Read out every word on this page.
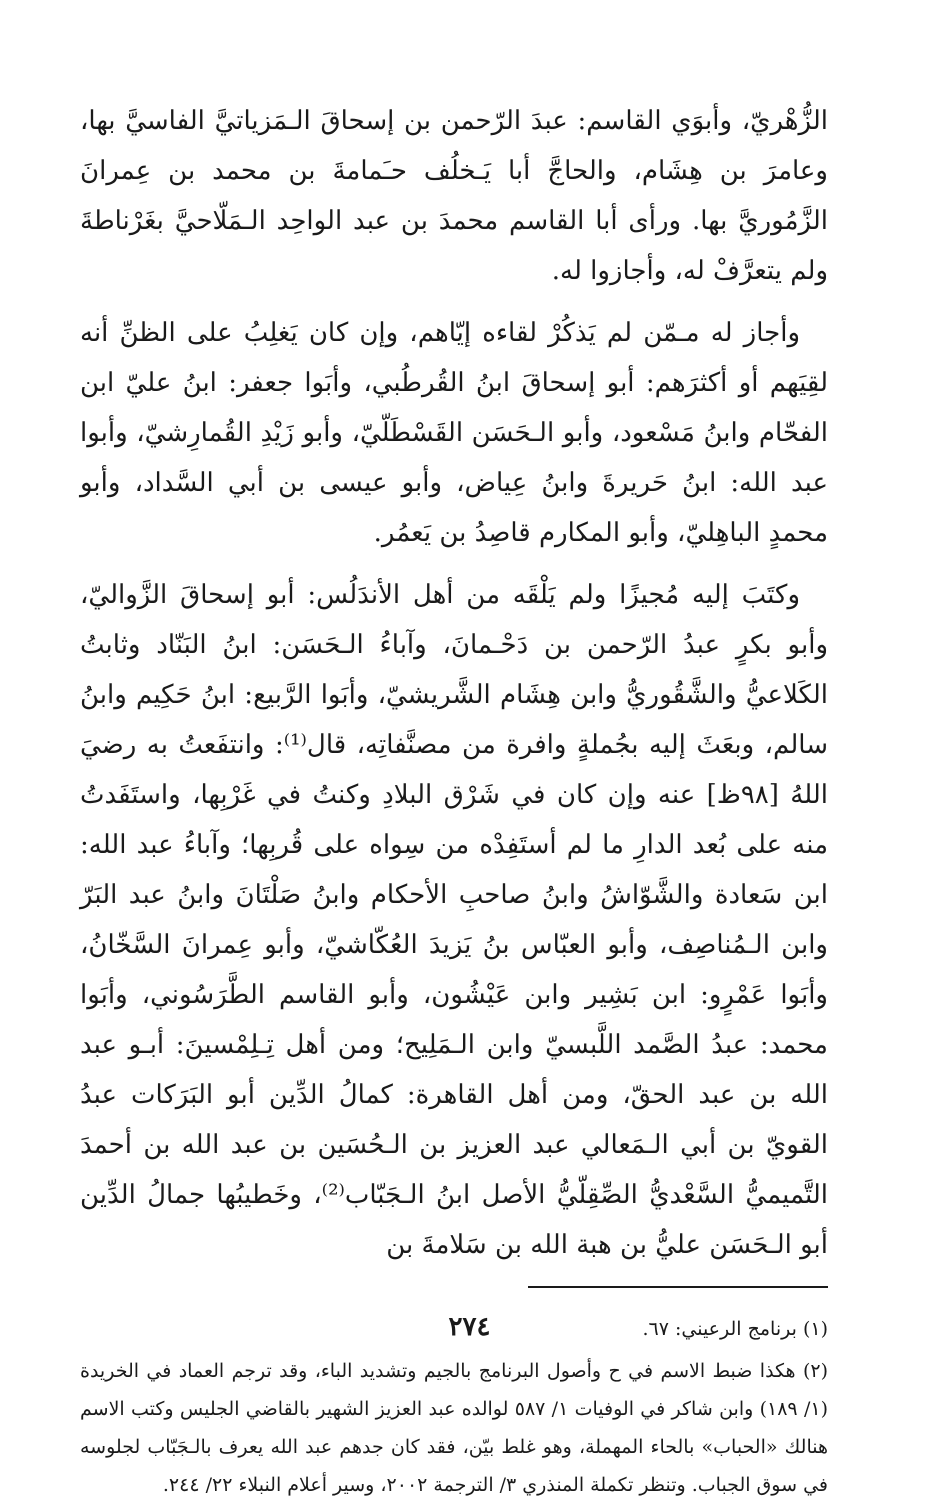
الزُّهْريّ، وأبوَي القاسم: عبدَ الرّحمن بن إسحاقَ الـمَزياتيَّ الفاسيَّ بها، وعامرَ بن هِشَام، والحاجَّ أبا يَـخلُف حـَمامةَ بن محمد بن عِمرانَ الزَّمُوريَّ بها. ورأى أبا القاسم محمدَ بن عبد الواحِد الـمَلّاحيَّ بغَرْناطةَ ولم يتعرَّفْ له، وأجازوا له.

وأجاز له مـمّن لم يَذكُرْ لقاءه إيّاهم، وإن كان يَغلِبُ على الظنِّ أنه لقِيَهم أو أكثرَهم: أبو إسحاقَ ابنُ القُرطُبي، وأبَوا جعفر: ابنُ عليّ ابن الفحّام وابنُ مَسْعود، وأبو الـحَسَن القَسْطَلّيّ، وأبو زَيْدِ القُمارِشيّ، وأبوا عبد الله: ابنُ حَريرةَ وابنُ عِياض، وأبو عيسى بن أبي السَّداد، وأبو محمدٍ الباهِليّ، وأبو المكارم قاصِدُ بن يَعمُر.

وكتَبَ إليه مُجيزًا ولم يَلْقَه من أهل الأندَلُس: أبو إسحاقَ الزَّواليّ، وأبو بكرٍ عبدُ الرّحمن بن دَحْـمانَ، وآباءُ الـحَسَن: ابنُ البَنّاد وثابتُ الكَلاعيُّ والشَّقُوريُّ وابن هِشَام الشَّريشيّ، وأبَوا الرَّبيع: ابنُ حَكِيم وابنُ سالم، وبعَثَ إليه بجُملةٍ وافرة من مصنَّفاتِه، قال⁽¹⁾: وانتفَعتُ به رضيَ اللهُ [٩٨ظ] عنه وإن كان في شَرْق البلادِ وكنتُ في غَرْبِها، واستَفَدتُ منه على بُعد الدارِ ما لم أستَفِدْه من سِواه على قُربِها؛ وآباءُ عبد الله: ابن سَعادة والشَّوّاشُ وابنُ صاحبِ الأحكام وابنُ صَلْتَانَ وابنُ عبد البَرّ وابن الـمُناصِف، وأبو العبّاس بنُ يَزيدَ العُكّاشيّ، وأبو عِمرانَ السَّخّانُ، وأبَوا عَمْرٍو: ابن بَشِير وابن عَيْشُون، وأبو القاسم الطَّرَسُوني، وأبَوا محمد: عبدُ الصَّمد اللَّبسيّ وابن الـمَلِيح؛ ومن أهل تِـلِمْسينَ: أبـو عبد الله بن عبد الحقّ، ومن أهل القاهرة: كمالُ الدِّين أبو البَرَكات عبدُ القويّ بن أبي الـمَعالي عبد العزيز بن الـحُسَين بن عبد الله بن أحمدَ التَّميميُّ السَّعْديُّ الصِّقِلّيُّ الأصل ابنُ الـجَبّاب⁽²⁾، وخَطيبُها جمالُ الدِّين أبو الـحَسَن عليُّ بن هبة الله بن سَلامةَ بن

(١) برنامج الرعيني: ٦٧.

(٢) هكذا ضبط الاسم في ح وأصول البرنامج بالجيم وتشديد الباء، وقد ترجم العماد في الخريدة (١/ ١٨٩) وابن شاكر في الوفيات ١/ ٥٨٧ لوالده عبد العزيز الشهير بالقاضي الجليس وكتب الاسم هنالك «الحباب» بالحاء المهملة، وهو غلط بيّن، فقد كان جدهم عبد الله يعرف بالـجَبّاب لجلوسه في سوق الجباب. وتنظر تكملة المنذري ٣/ الترجمة ٢٠٠٢، وسير أعلام النبلاء ٢٢/ ٢٤٤.

٢٧٤
